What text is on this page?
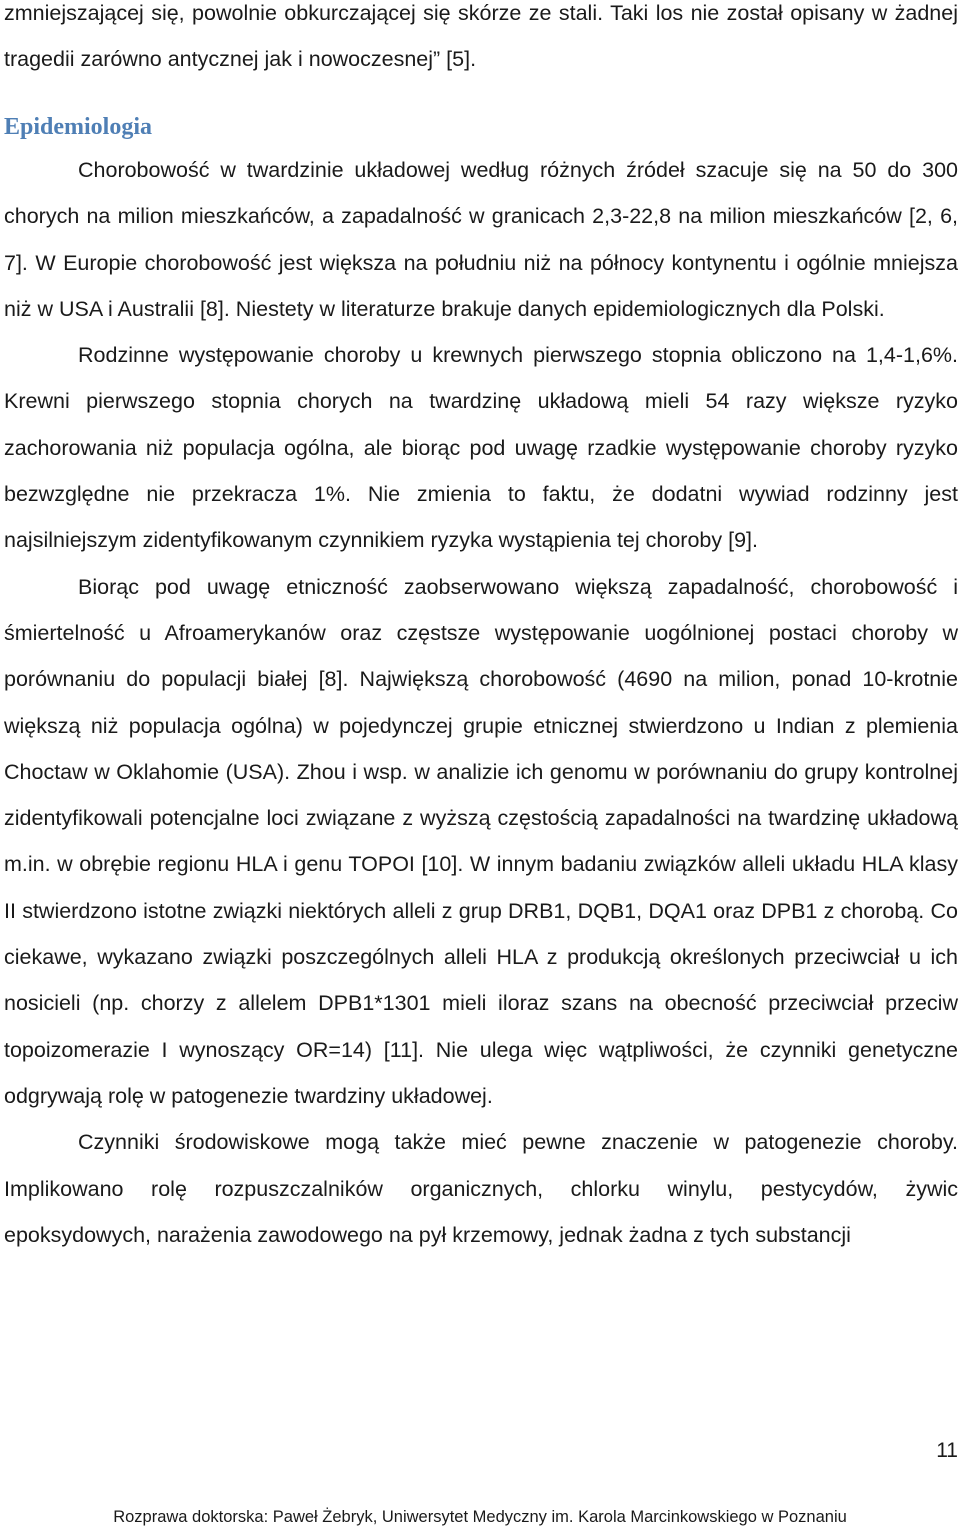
zmniejszającej się, powolnie obkurczającej się skórze ze stali. Taki los nie został opisany w żadnej tragedii zarówno antycznej jak i nowoczesnej” [5].

Epidemiologia

Chorobowość w twardzinie układowej według różnych źródeł szacuje się na 50 do 300 chorych na milion mieszkańców, a zapadalność w granicach 2,3-22,8 na milion mieszkańców [2, 6, 7]. W Europie chorobowość jest większa na południu niż na północy kontynentu i ogólnie mniejsza niż w USA i Australii [8]. Niestety w literaturze brakuje danych epidemiologicznych dla Polski.

Rodzinne występowanie choroby u krewnych pierwszego stopnia obliczono na 1,4-1,6%. Krewni pierwszego stopnia chorych na twardzinę układową mieli 54 razy większe ryzyko zachorowania niż populacja ogólna, ale biorąc pod uwagę rzadkie występowanie choroby ryzyko bezwzględne nie przekracza 1%. Nie zmienia to faktu, że dodatni wywiad rodzinny jest najsilniejszym zidentyfikowanym czynnikiem ryzyka wystąpienia tej choroby [9].

Biorąc pod uwagę etniczność zaobserwowano większą zapadalność, chorobowość i śmiertelność u Afroamerykanów oraz częstsze występowanie uogólnionej postaci choroby w porównaniu do populacji białej [8]. Największą chorobowość (4690 na milion, ponad 10-krotnie większą niż populacja ogólna) w pojedynczej grupie etnicznej stwierdzono u Indian z plemienia Choctaw w Oklahomie (USA). Zhou i wsp. w analizie ich genomu w porównaniu do grupy kontrolnej zidentyfikowali potencjalne loci związane z wyższą częstością zapadalności na twardzinę układową m.in. w obrębie regionu HLA i genu TOPOI [10]. W innym badaniu związków alleli układu HLA klasy II stwierdzono istotne związki niektórych alleli z grup DRB1, DQB1, DQA1 oraz DPB1 z chorobą. Co ciekawe, wykazano związki poszczególnych alleli HLA z produkcją określonych przeciwciał u ich nosicieli (np. chorzy z allelem DPB1*1301 mieli iloraz szans na obecność przeciwciał przeciw topoizomerazie I wynoszący OR=14) [11]. Nie ulega więc wątpliwości, że czynniki genetyczne odgrywają rolę w patogenezie twardziny układowej.

Czynniki środowiskowe mogą także mieć pewne znaczenie w patogenezie choroby. Implikowano rolę rozpuszczalników organicznych, chlorku winylu, pestycydów, żywic epoksydowych, narażenia zawodowego na pył krzemowy, jednak żadna z tych substancji

11
Rozprawa doktorska: Paweł Żebryk, Uniwersytet Medyczny im. Karola Marcinkowskiego w Poznaniu
